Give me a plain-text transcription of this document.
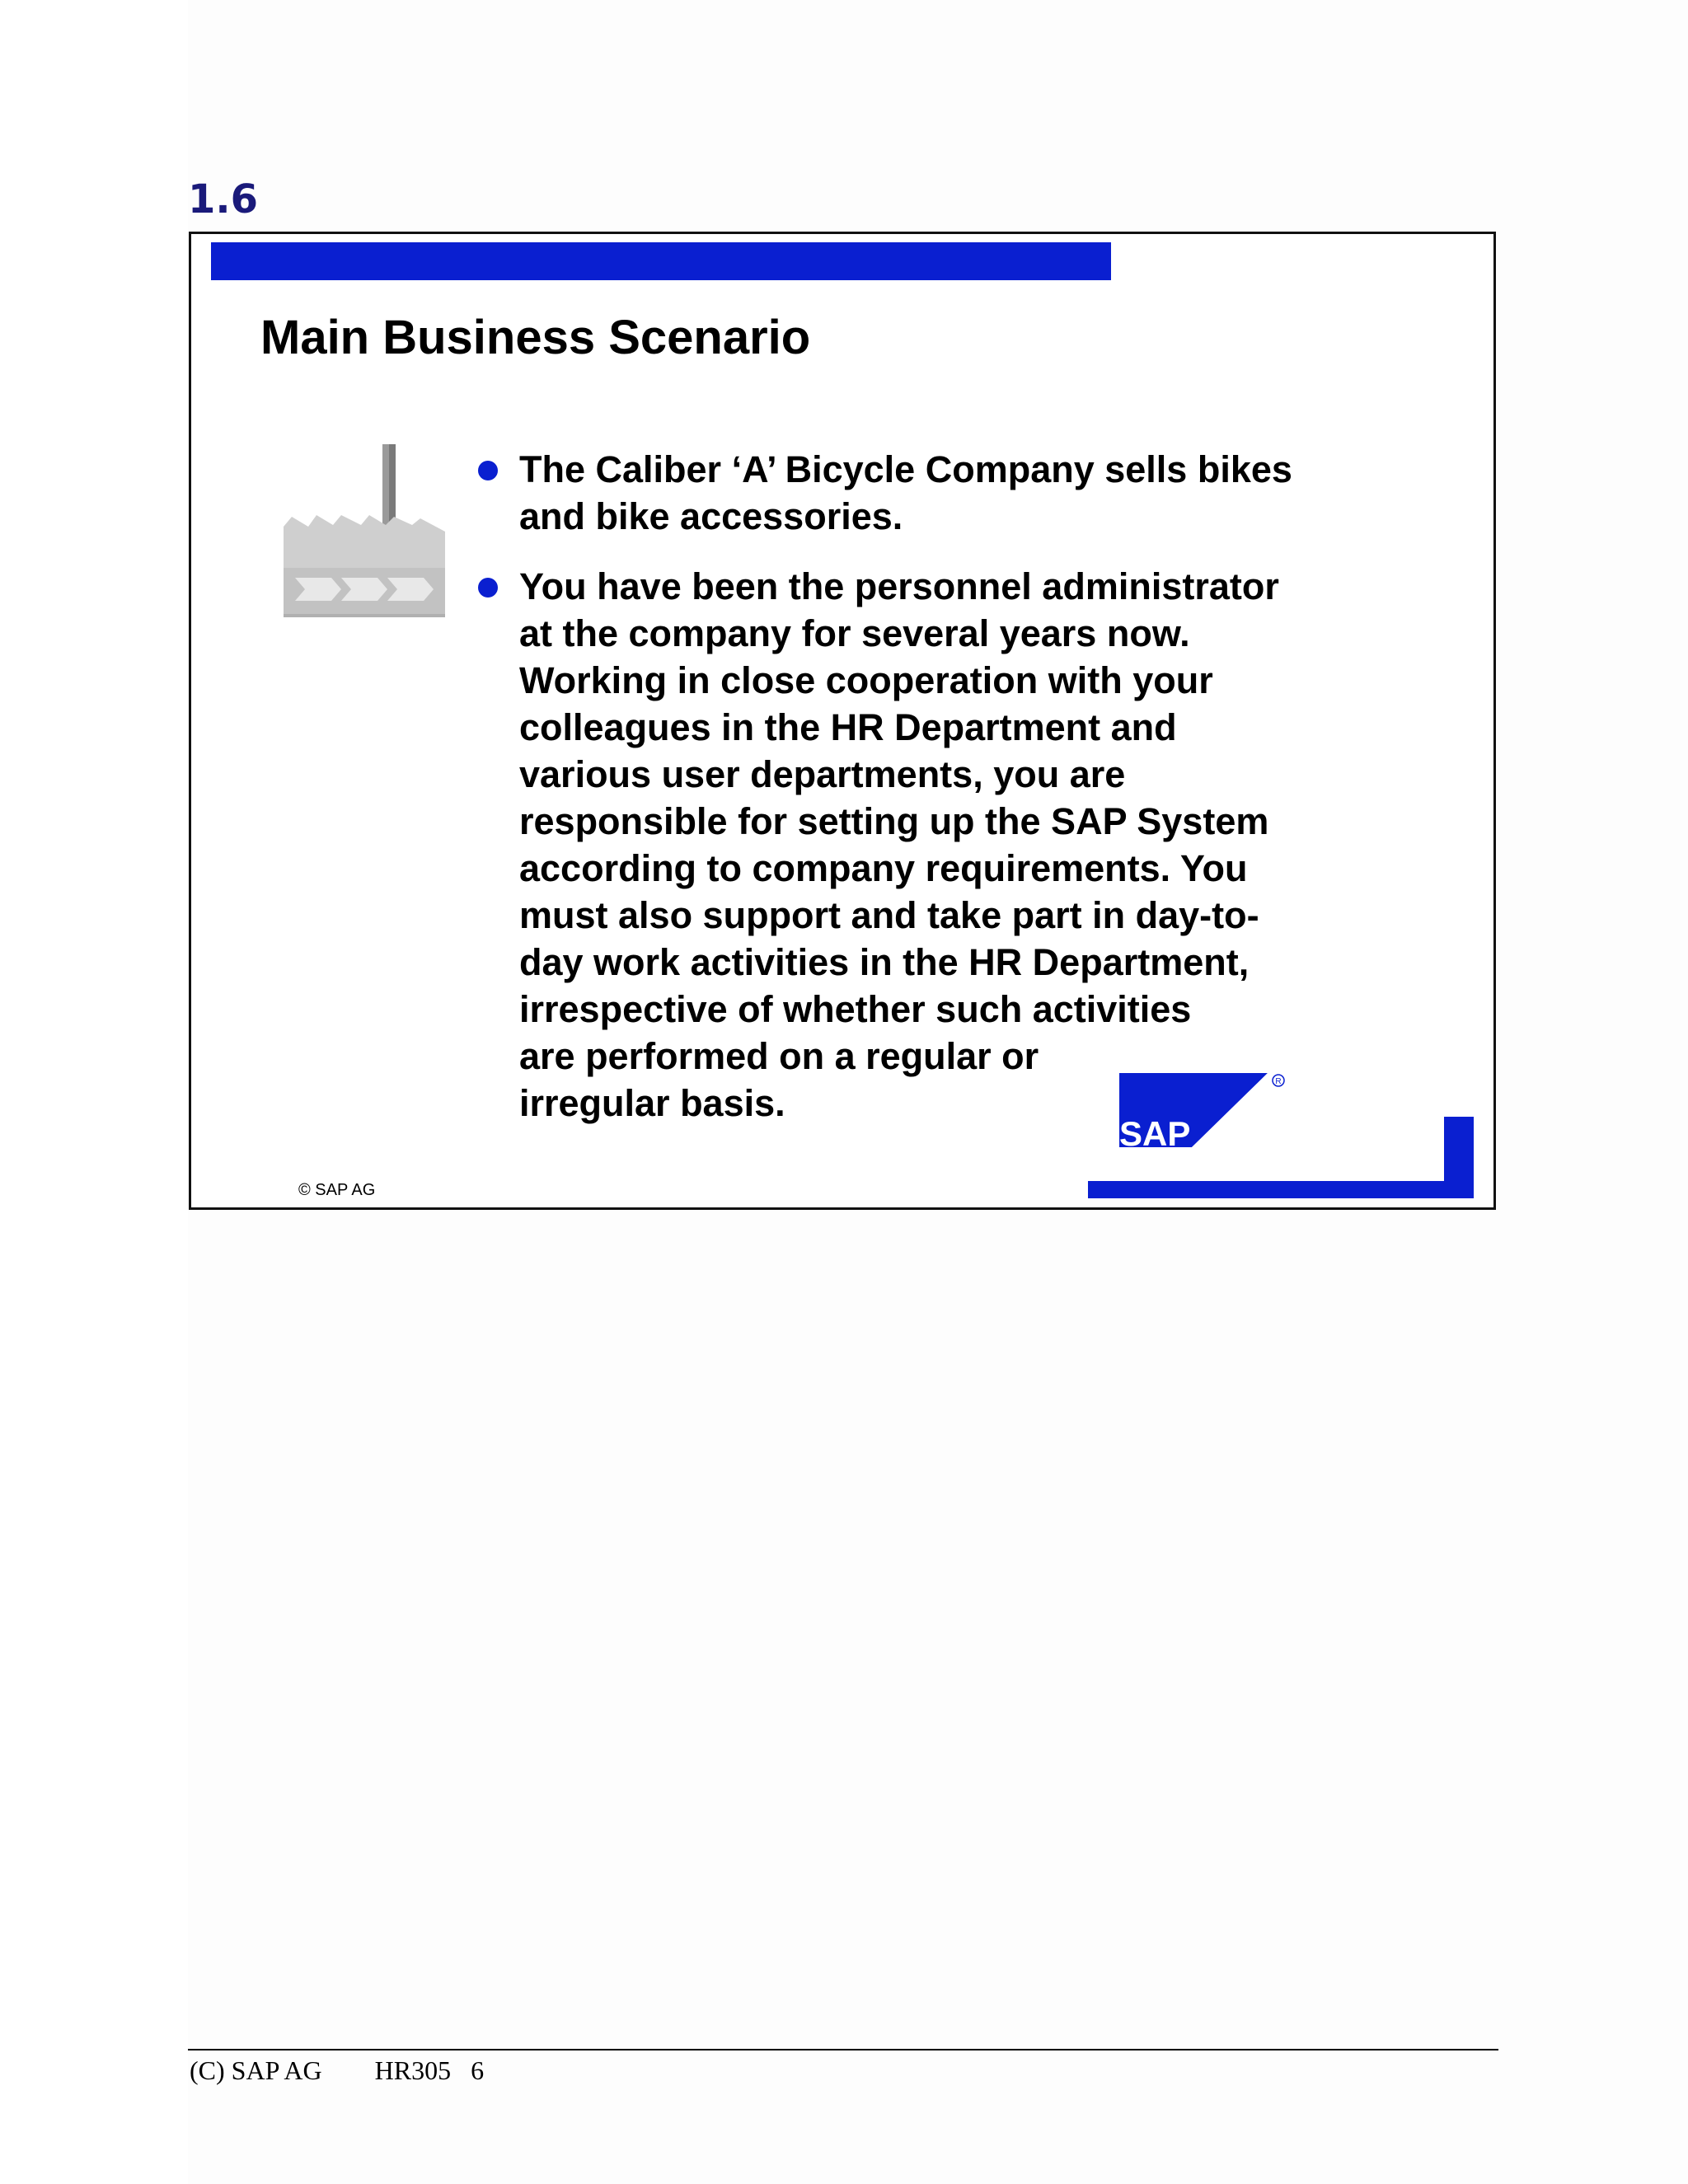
1.6
Main Business Scenario
The Caliber ‘A’ Bicycle Company sells bikes
and bike accessories.
You have been the personnel administrator
at the company for several years now.
Working in close cooperation with your
colleagues in the HR Department and
various user departments, you are
responsible for setting up the SAP System
according to company requirements. You
must also support and take part in day-to-
day work activities in the HR Department,
irrespective of whether such activities
are performed on a regular or
irregular basis.
© SAP AG
SAP
R
(C) SAP AG HR305 6
